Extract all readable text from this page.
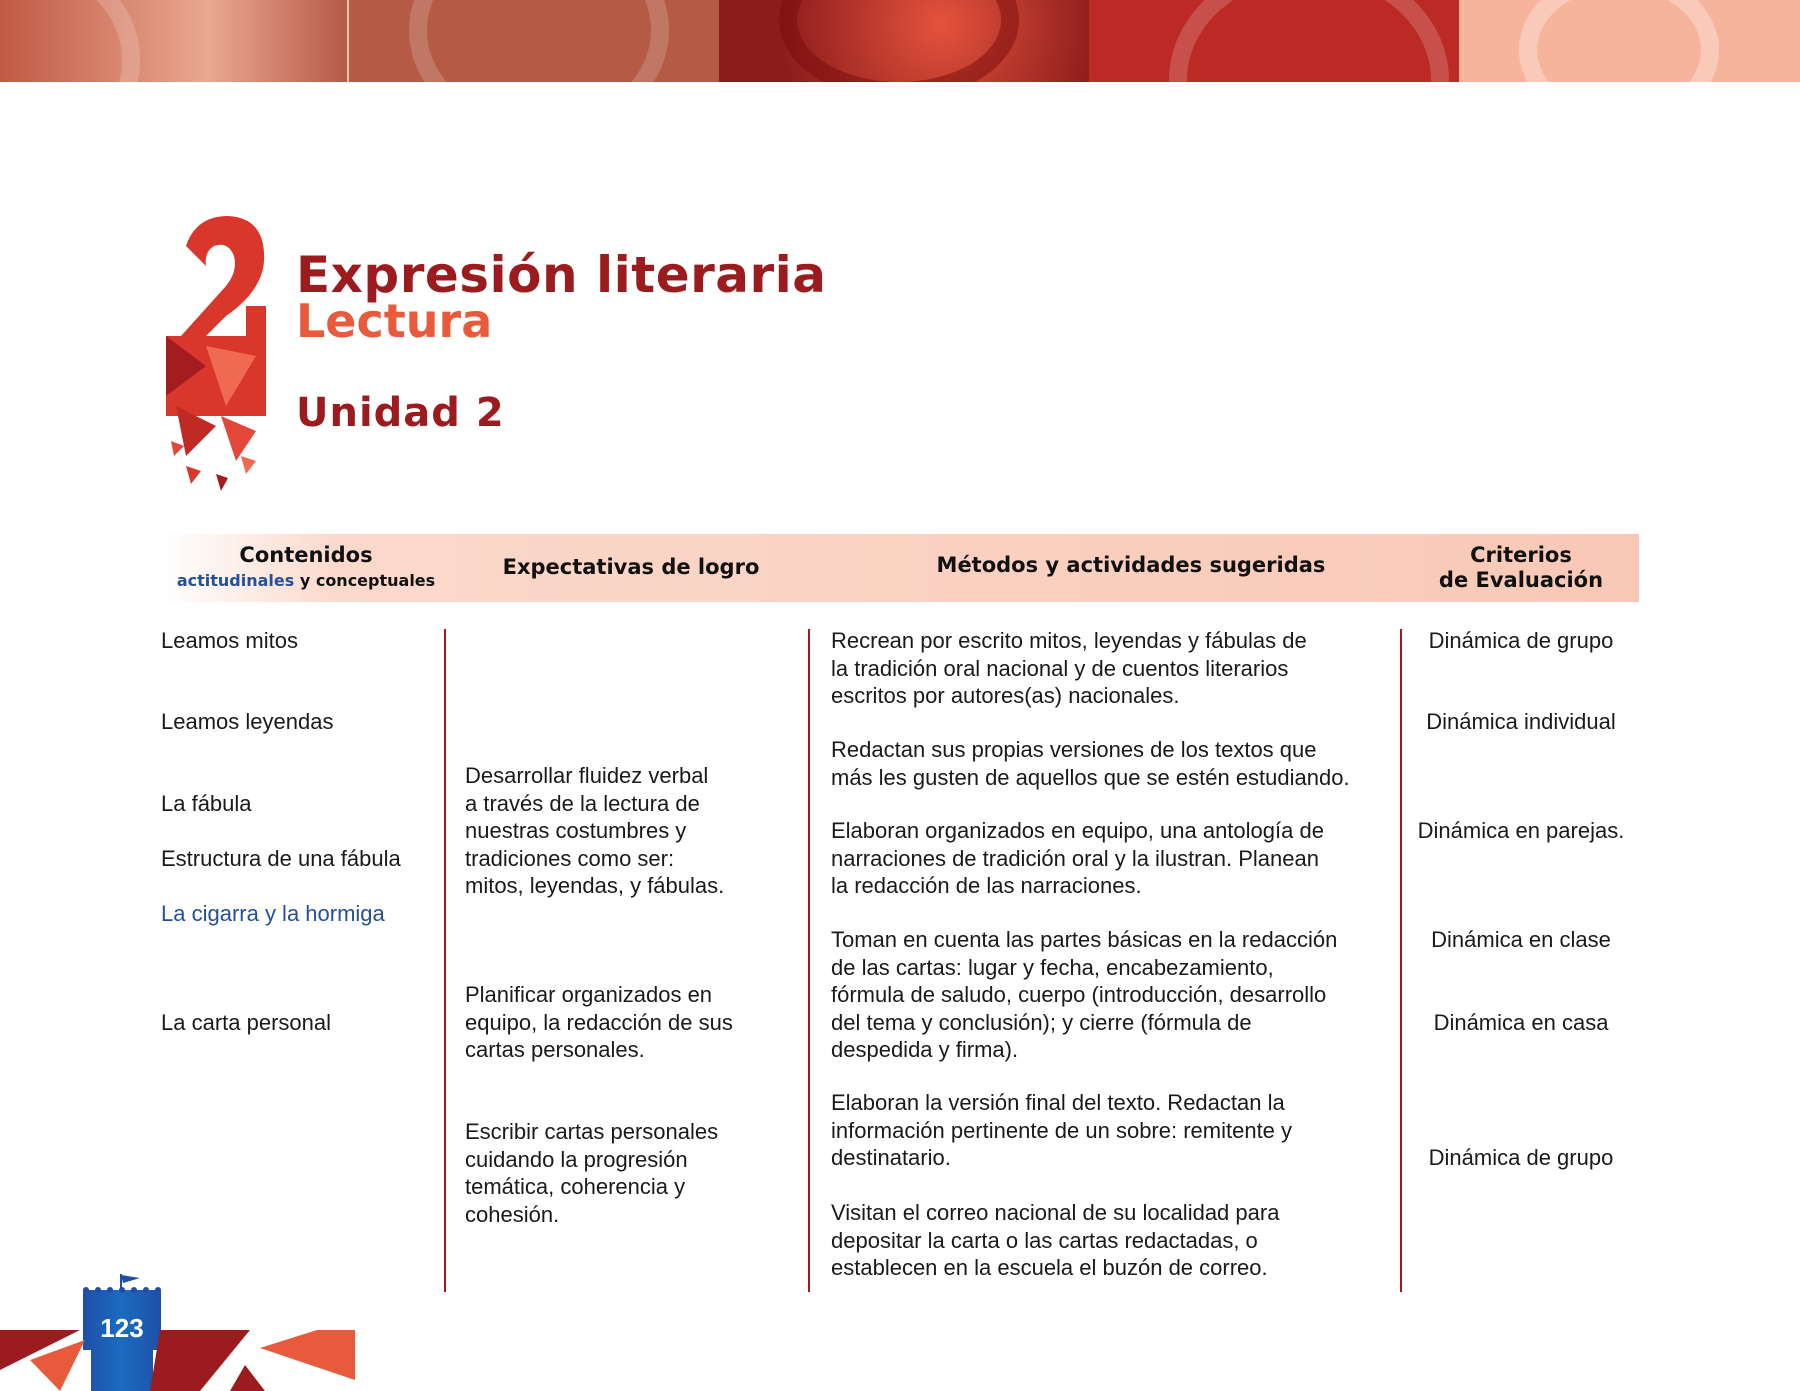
Expresión literaria
Lectura
Unidad 2
Contenidos
actitudinales y conceptuales
Expectativas de logro	Métodos y actividades sugeridas	Criterios
de Evaluación
Leamos mitos
Leamos leyendas
La fábula
Estructura de una fábula
La cigarra y la hormiga
La carta personal
Desarrollar fluidez verbal
a través de la lectura de
nuestras costumbres y
tradiciones como ser:
mitos, leyendas, y fábulas.
Planificar organizados en
equipo, la redacción de sus
cartas personales.
Escribir cartas personales
cuidando la progresión
temática, coherencia y
cohesión.
Recrean por escrito mitos, leyendas y fábulas de
la tradición oral nacional y de cuentos literarios
escritos por autores(as) nacionales.
Redactan sus propias versiones de los textos que
más les gusten de aquellos que se estén estudiando.
Elaboran organizados en equipo, una antología de
narraciones de tradición oral y la ilustran. Planean
la redacción de las narraciones.
Toman en cuenta las partes básicas en la redacción
de las cartas: lugar y fecha, encabezamiento,
fórmula de saludo, cuerpo (introducción, desarrollo
del tema y conclusión); y cierre (fórmula de
despedida y firma).
Elaboran la versión final del texto. Redactan la
información pertinente de un sobre: remitente y
destinatario.
Visitan el correo nacional de su localidad para
depositar la carta o las cartas redactadas, o
establecen en la escuela el buzón de correo.
Dinámica de grupo
Dinámica individual
Dinámica en parejas.
Dinámica en clase
Dinámica en casa
Dinámica de grupo
123
